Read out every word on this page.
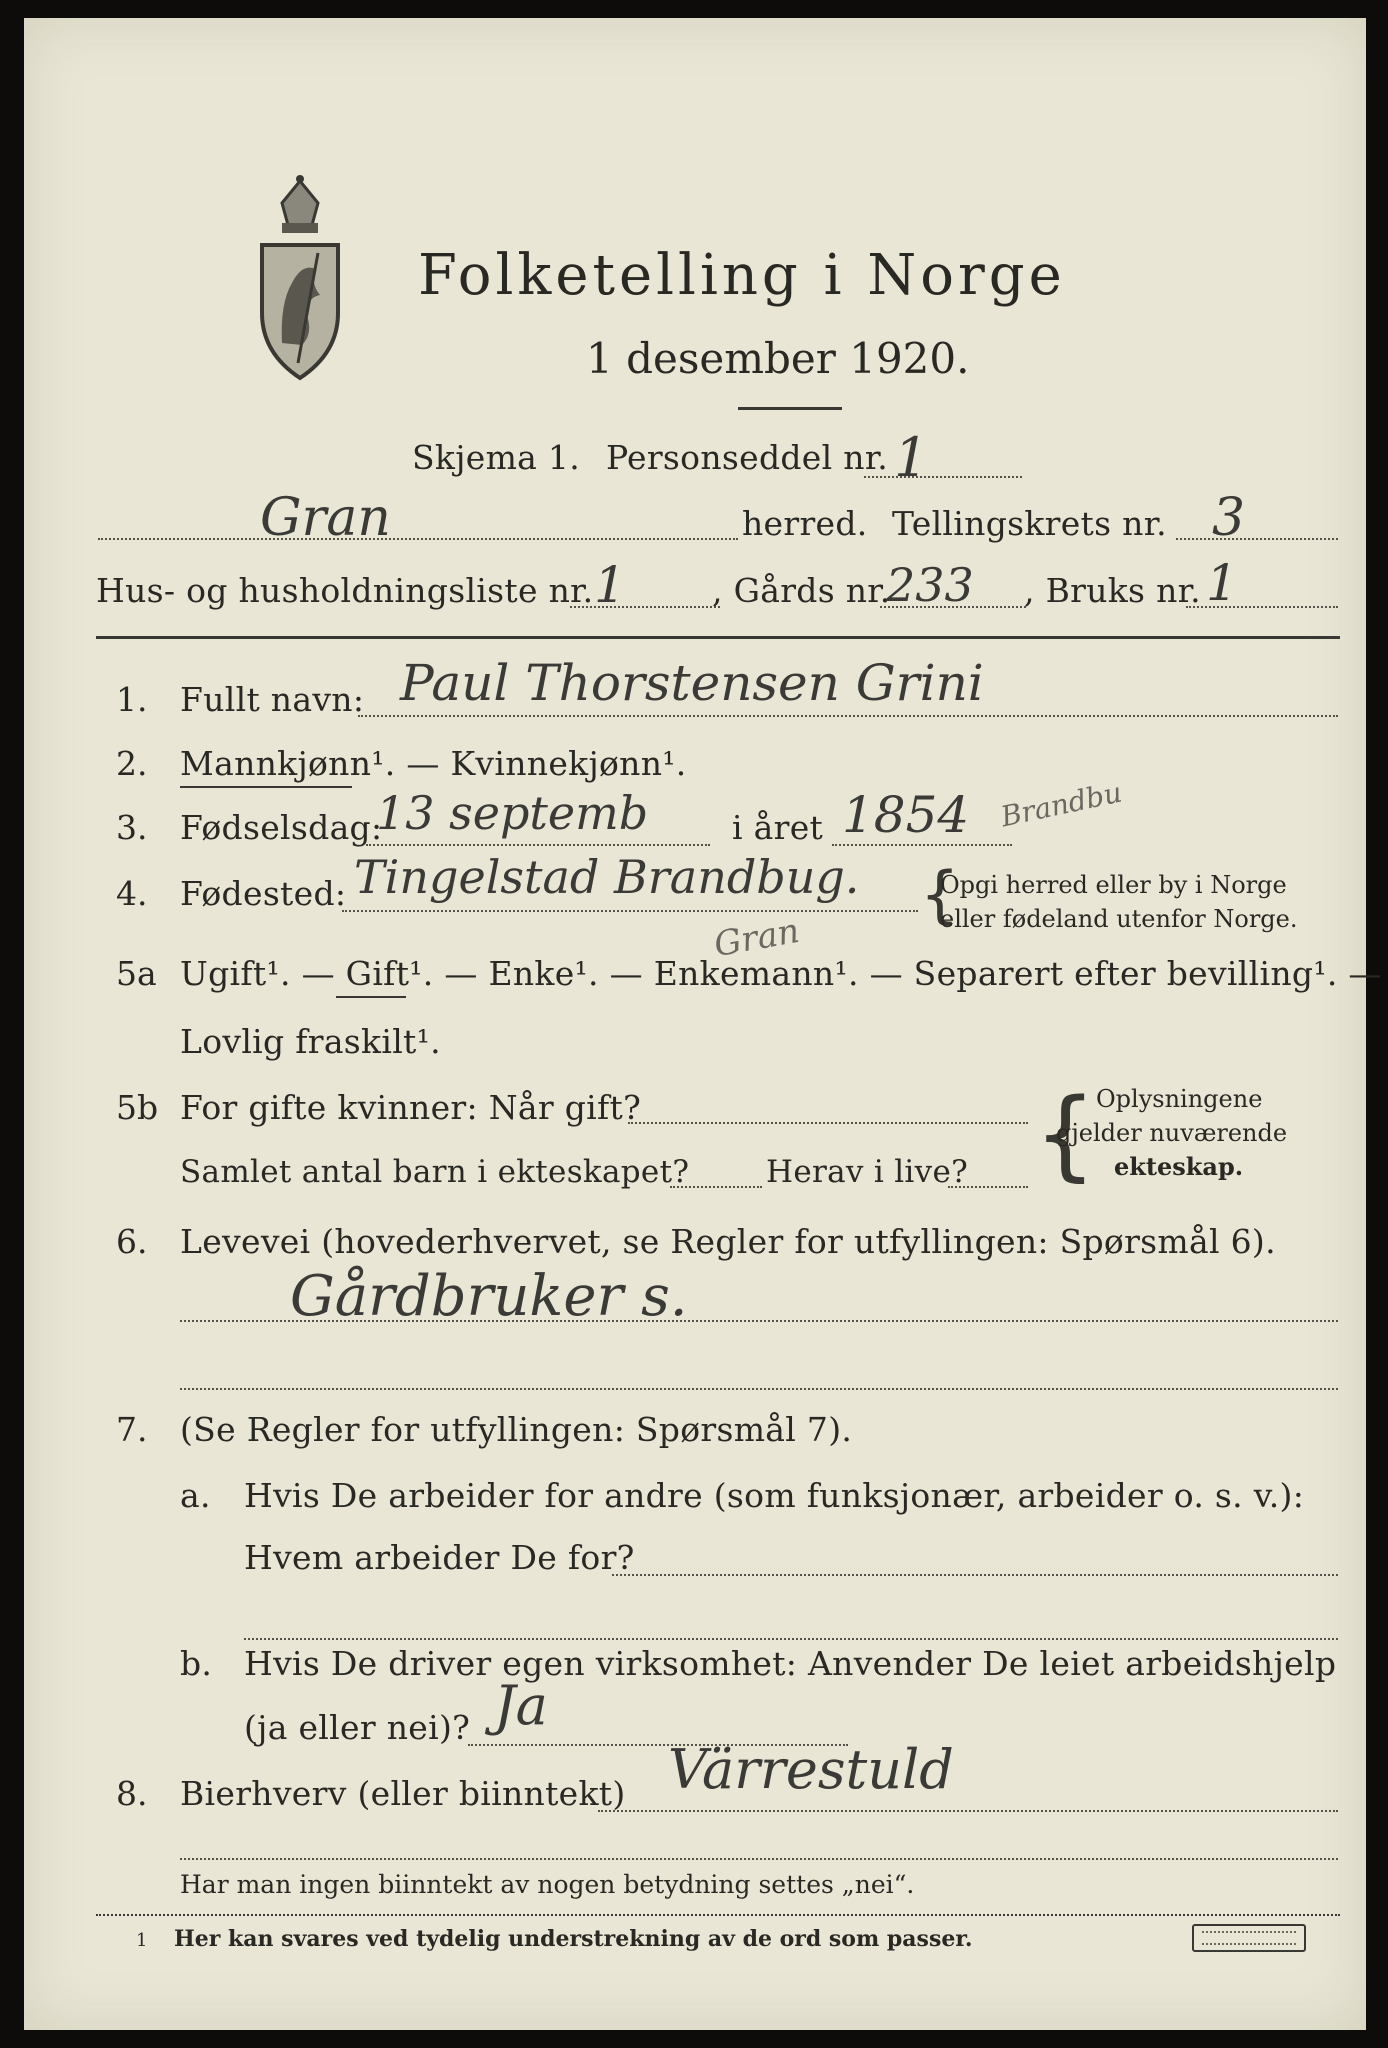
Folketelling i Norge
1 desember 1920.
Skjema 1. Personseddel nr. 1
Gran	herred. Tellingskrets nr. 3
Hus- og husholdningsliste nr. 1	, Gårds nr.
233 , Bruks nr. 1
1. Fullt navn: Paul Thorstensen Grini
2. Mannkjønn¹. — Kvinnekjønn¹.
3. Fødselsdag:
13 septemb	i året 1854 Brandbu
4. Fødested: Tingelstad Brandbug.
Gran
{
Opgi herred eller by i Norge
eller fødeland utenfor Norge.
5a Ugift¹. — Gift¹. — Enke¹. — Enkemann¹. — Separert efter bevilling¹. —
Lovlig fraskilt¹.
5b For gifte kvinner: Når gift?
Samlet antal barn i ekteskapet? Herav i live? { Oplysningene
gjelder nuværende
ekteskap.
6. Levevei (hovederhvervet, se Regler for utfyllingen: Spørsmål 6).
Gårdbruker s.
7. (Se Regler for utfyllingen: Spørsmål 7).
a. Hvis De arbeider for andre (som funksjonær, arbeider o. s. v.):
Hvem arbeider De for?
b. Hvis De driver egen virksomhet: Anvender De leiet arbeidshjelp
(ja eller nei)? Ja
8. Bierhverv (eller biinntekt) Värrestuld
Har man ingen biinntekt av nogen betydning settes „nei“.
1 Her kan svares ved tydelig understrekning av de ord som passer.
